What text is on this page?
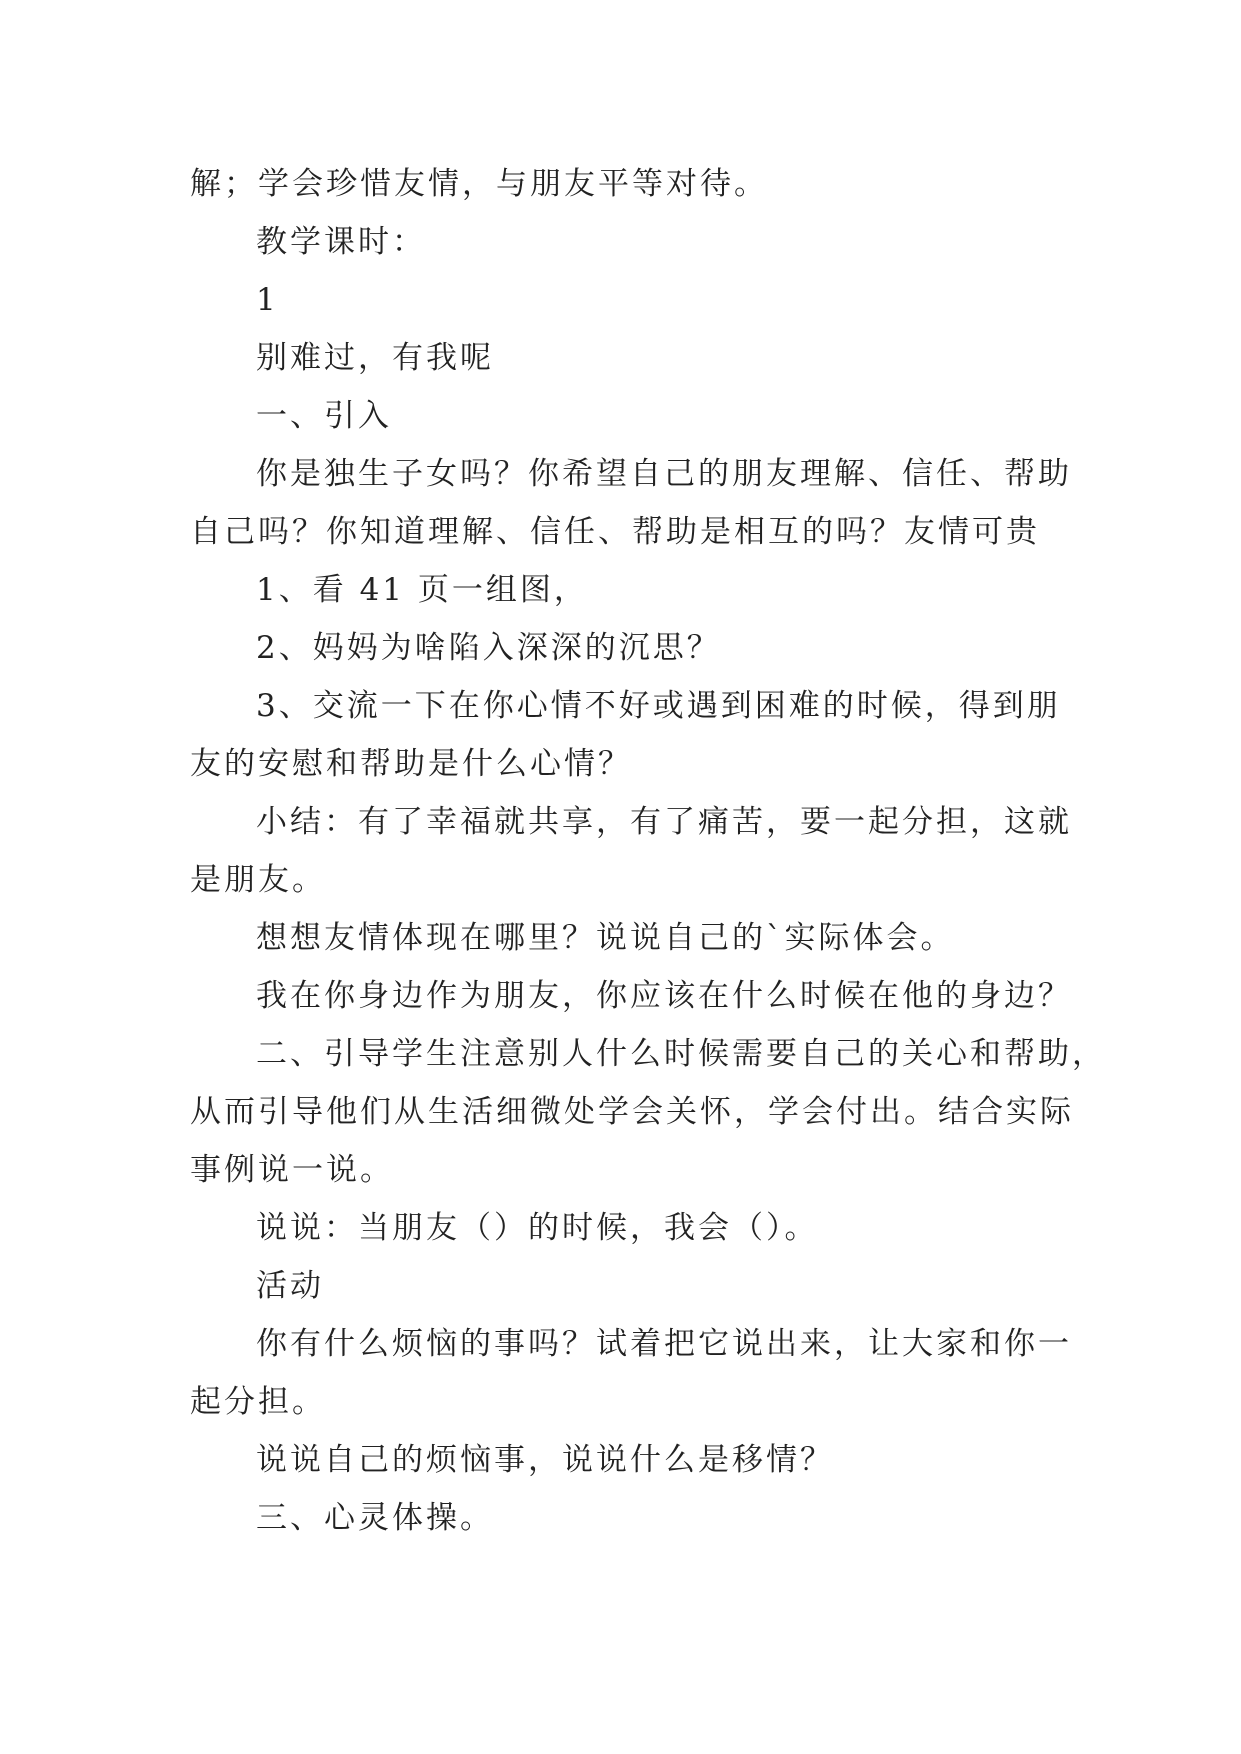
解；学会珍惜友情，与朋友平等对待。
教学课时：
1
别难过，有我呢
一、引入
你是独生子女吗？你希望自己的朋友理解、信任、帮助
自己吗？你知道理解、信任、帮助是相互的吗？友情可贵
1、看 41 页一组图，
2、妈妈为啥陷入深深的沉思？
3、交流一下在你心情不好或遇到困难的时候，得到朋
友的安慰和帮助是什么心情？
小结：有了幸福就共享，有了痛苦，要一起分担，这就
是朋友。
想想友情体现在哪里？说说自己的`实际体会。
我在你身边作为朋友，你应该在什么时候在他的身边？
二、引导学生注意别人什么时候需要自己的关心和帮助，
从而引导他们从生活细微处学会关怀，学会付出。结合实际
事例说一说。
说说：当朋友（）的时候，我会（）。
活动
你有什么烦恼的事吗？试着把它说出来，让大家和你一
起分担。
说说自己的烦恼事，说说什么是移情？
三、心灵体操。
